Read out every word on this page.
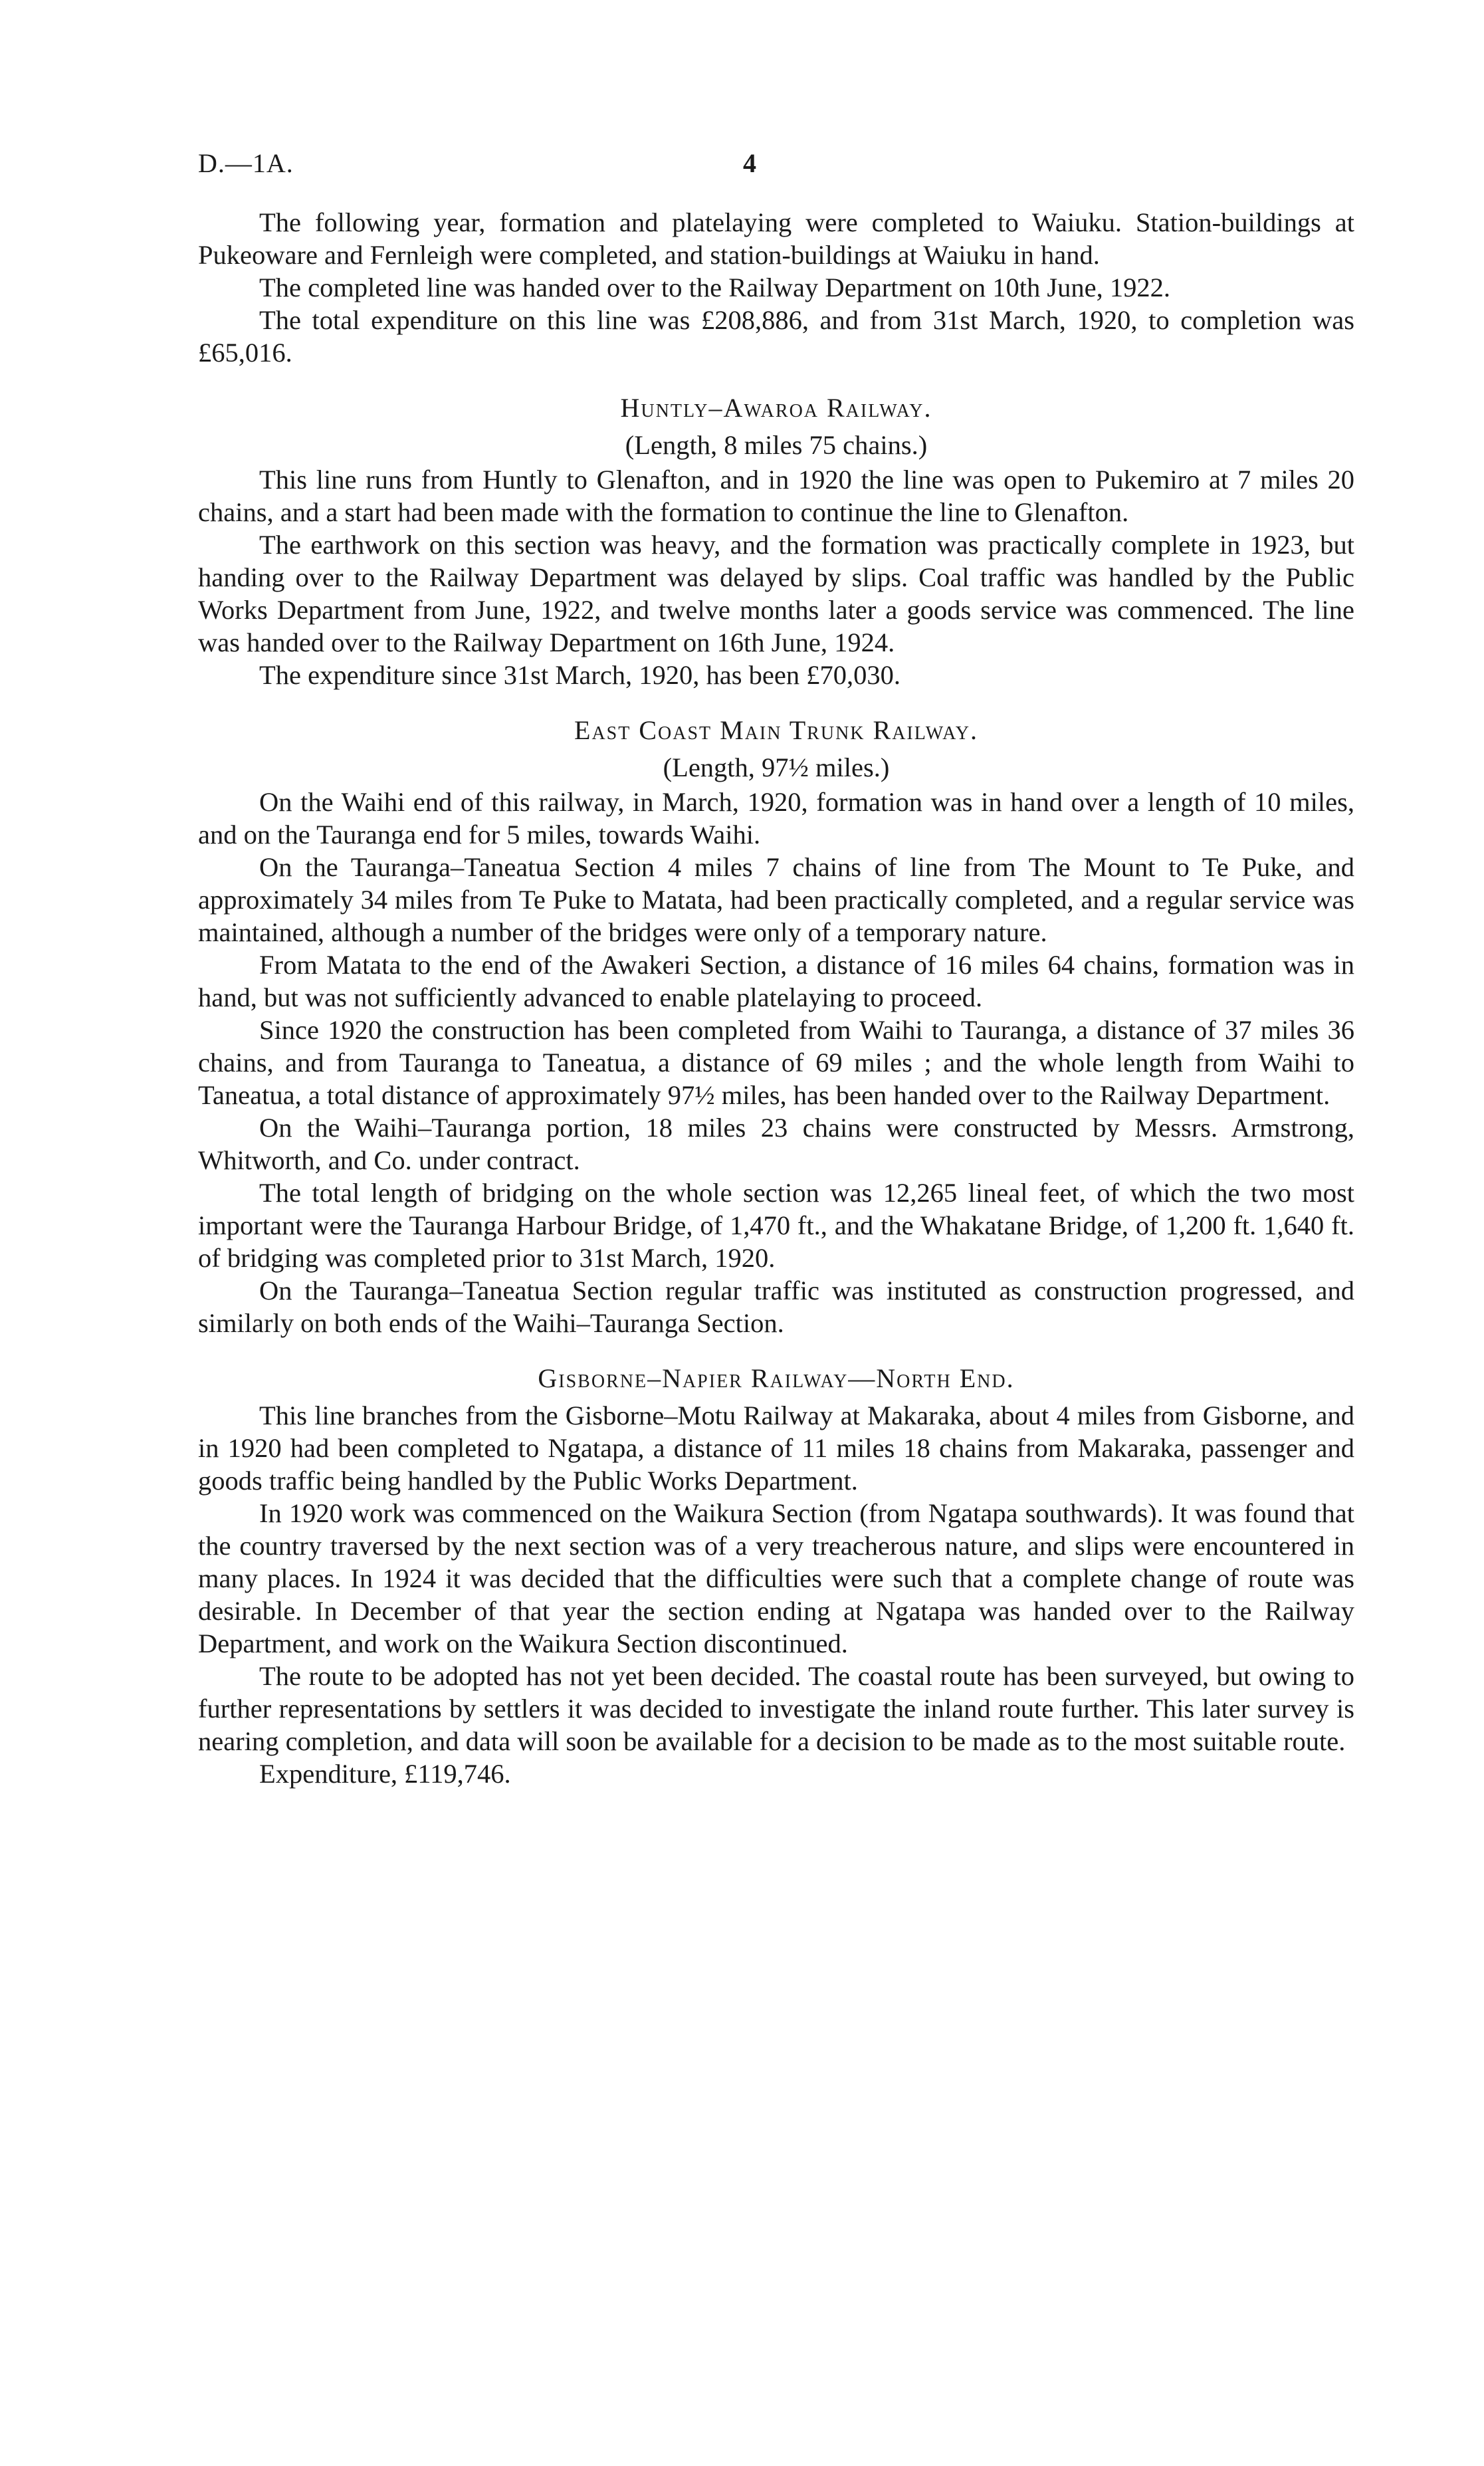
D.—1A.	4

The following year, formation and platelaying were completed to Waiuku. Station-buildings at Pukeoware and Fernleigh were completed, and station-buildings at Waiuku in hand.

The completed line was handed over to the Railway Department on 10th June, 1922.

The total expenditure on this line was £208,886, and from 31st March, 1920, to completion was £65,016.

Huntly–Awaroa Railway.
(Length, 8 miles 75 chains.)

This line runs from Huntly to Glenafton, and in 1920 the line was open to Pukemiro at 7 miles 20 chains, and a start had been made with the formation to continue the line to Glenafton.

The earthwork on this section was heavy, and the formation was practically complete in 1923, but handing over to the Railway Department was delayed by slips. Coal traffic was handled by the Public Works Department from June, 1922, and twelve months later a goods service was commenced. The line was handed over to the Railway Department on 16th June, 1924.

The expenditure since 31st March, 1920, has been £70,030.

East Coast Main Trunk Railway.
(Length, 97½ miles.)

On the Waihi end of this railway, in March, 1920, formation was in hand over a length of 10 miles, and on the Tauranga end for 5 miles, towards Waihi.

On the Tauranga–Taneatua Section 4 miles 7 chains of line from The Mount to Te Puke, and approximately 34 miles from Te Puke to Matata, had been practically completed, and a regular service was maintained, although a number of the bridges were only of a temporary nature.

From Matata to the end of the Awakeri Section, a distance of 16 miles 64 chains, formation was in hand, but was not sufficiently advanced to enable platelaying to proceed.

Since 1920 the construction has been completed from Waihi to Tauranga, a distance of 37 miles 36 chains, and from Tauranga to Taneatua, a distance of 69 miles ; and the whole length from Waihi to Taneatua, a total distance of approximately 97½ miles, has been handed over to the Railway Department.

On the Waihi–Tauranga portion, 18 miles 23 chains were constructed by Messrs. Armstrong, Whitworth, and Co. under contract.

The total length of bridging on the whole section was 12,265 lineal feet, of which the two most important were the Tauranga Harbour Bridge, of 1,470 ft., and the Whakatane Bridge, of 1,200 ft. 1,640 ft. of bridging was completed prior to 31st March, 1920.

On the Tauranga–Taneatua Section regular traffic was instituted as construction progressed, and similarly on both ends of the Waihi–Tauranga Section.

Gisborne–Napier Railway—North End.

This line branches from the Gisborne–Motu Railway at Makaraka, about 4 miles from Gisborne, and in 1920 had been completed to Ngatapa, a distance of 11 miles 18 chains from Makaraka, passenger and goods traffic being handled by the Public Works Department.

In 1920 work was commenced on the Waikura Section (from Ngatapa southwards). It was found that the country traversed by the next section was of a very treacherous nature, and slips were encountered in many places. In 1924 it was decided that the difficulties were such that a complete change of route was desirable. In December of that year the section ending at Ngatapa was handed over to the Railway Department, and work on the Waikura Section discontinued.

The route to be adopted has not yet been decided. The coastal route has been surveyed, but owing to further representations by settlers it was decided to investigate the inland route further. This later survey is nearing completion, and data will soon be available for a decision to be made as to the most suitable route.

Expenditure, £119,746.
